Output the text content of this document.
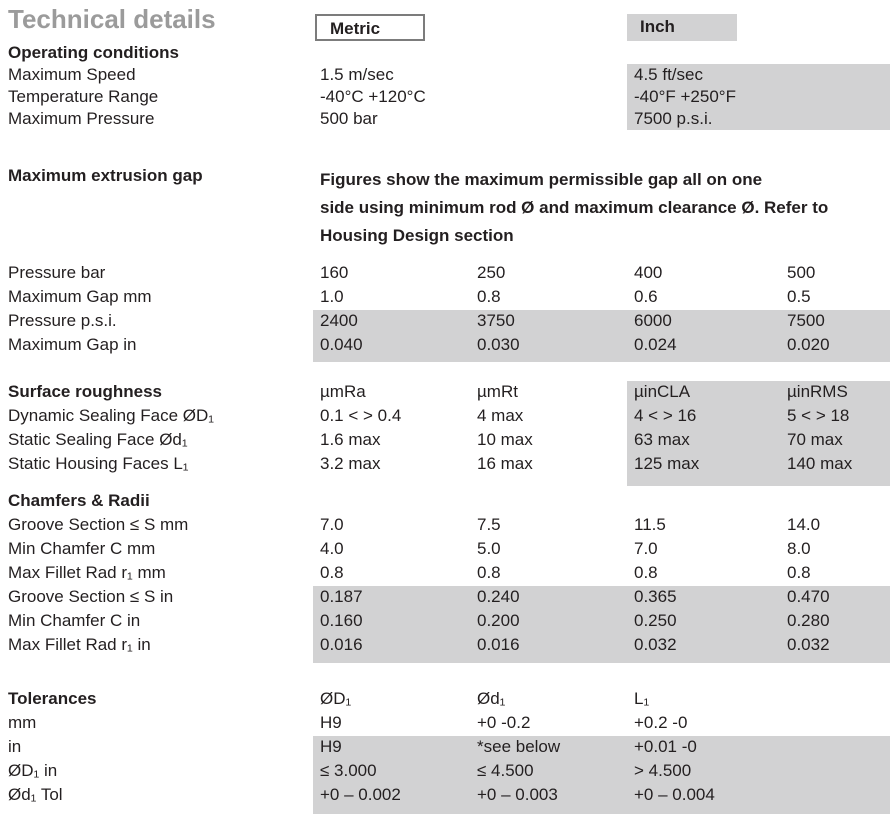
Technical details	Metric	Inch
Operating conditions
Maximum Speed	1.5 m/sec	4.5 ft/sec
Temperature Range	-40°C +120°C	-40°F +250°F
Maximum Pressure	500 bar	7500 p.s.i.
Maximum extrusion gap	Figures show the maximum permissible gap all on one
side using minimum rod Ø and maximum clearance Ø. Refer to
Housing Design section
Pressure bar	160	250	400	500
Maximum Gap mm	1.0	0.8	0.6	0.5
Pressure p.s.i.	2400	3750	6000	7500
Maximum Gap in	0.040	0.030	0.024	0.020
Surface roughness	µmRa	µmRt	µinCLA	µinRMS
Dynamic Sealing Face ØD₁	0.1 < > 0.4	4 max	4 < > 16	5 < > 18
Static Sealing Face Ød₁	1.6 max	10 max	63 max	70 max
Static Housing Faces L₁	3.2 max	16 max	125 max	140 max
Chamfers & Radii
Groove Section ≤ S mm	7.0	7.5	11.5	14.0
Min Chamfer C mm	4.0	5.0	7.0	8.0
Max Fillet Rad r₁ mm	0.8	0.8	0.8	0.8
Groove Section ≤ S in	0.187	0.240	0.365	0.470
Min Chamfer C in	0.160	0.200	0.250	0.280
Max Fillet Rad r₁ in	0.016	0.016	0.032	0.032
Tolerances	ØD₁	Ød₁	L₁
mm	H9	+0 -0.2	+0.2 -0
in	H9	*see below	+0.01 -0
ØD₁ in	≤ 3.000	≤ 4.500	> 4.500
Ød₁ Tol	+0 – 0.002	+0 – 0.003	+0 – 0.004
